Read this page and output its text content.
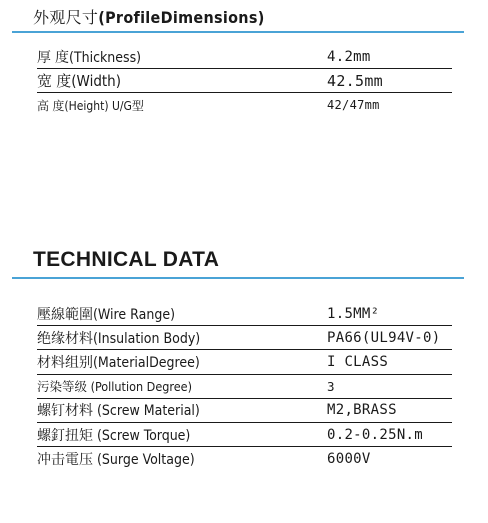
外观尺寸(ProfileDimensions)
厚 度(Thickness)	4.2mm
宽 度(Width)	42.5mm
高 度(Height) U/G型	42/47mm
TECHNICAL DATA
壓線範圍(Wire Range)	1.5MM²
绝缘材料(Insulation Body)	PA66(UL94V-0)
材料组别(MaterialDegree)	I CLASS
污染等级 (Pollution Degree)	3
螺钉材料 (Screw Material)	M2,BRASS
螺釘扭矩 (Screw Torque)	0.2-0.25N.m
冲击電压 (Surge Voltage)	6000V
